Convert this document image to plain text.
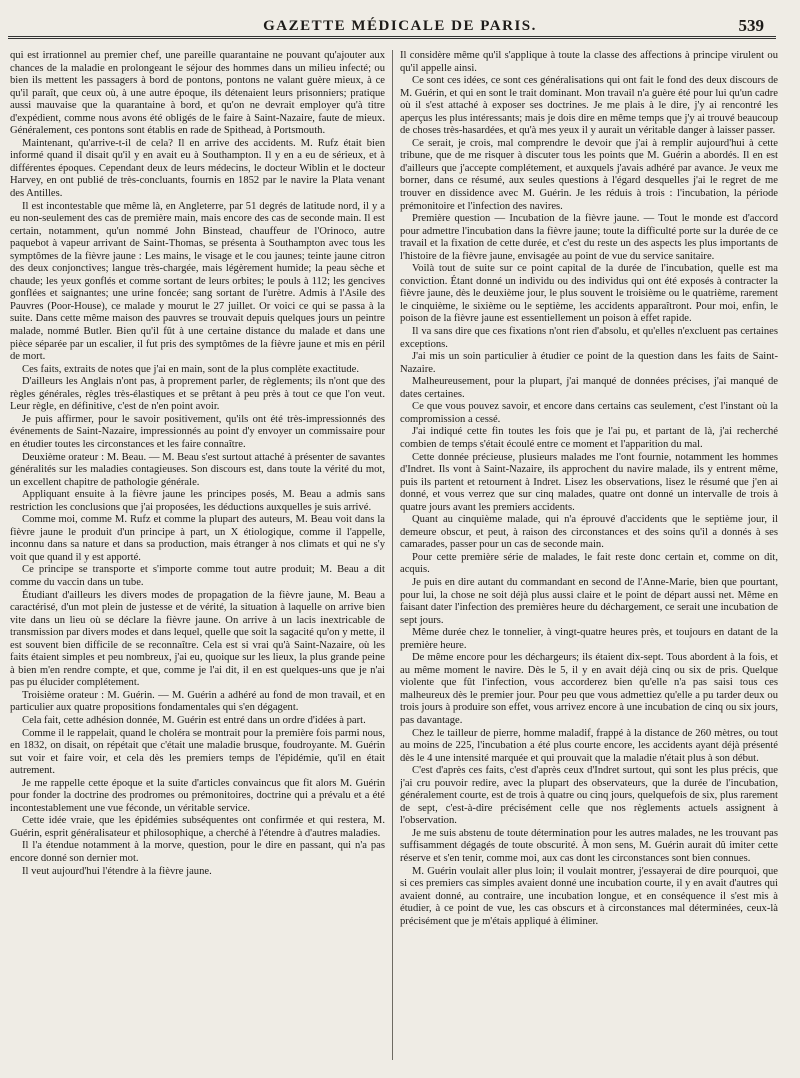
GAZETTE MÉDICALE DE PARIS.	539

qui est irrationnel au premier chef, une pareille quarantaine ne pouvant qu'ajouter aux chances de la maladie en prolongeant le séjour des hommes dans un milieu infecté; ou bien ils mettent les passagers à bord de pontons, pontons ne valant guère mieux, à ce qu'il paraît, que ceux où, à une autre époque, ils détenaient leurs prisonniers; pratique aussi mauvaise que la quarantaine à bord, et qu'on ne devrait employer qu'à titre d'expédient, comme nous avons été obligés de le faire à Saint-Nazaire, faute de mieux. Généralement, ces pontons sont établis en rade de Spithead, à Portsmouth.

Maintenant, qu'arrive-t-il de cela? Il en arrive des accidents. M. Rufz était bien informé quand il disait qu'il y en avait eu à Southampton. Il y en a eu de sérieux, et à différentes époques. Cependant deux de leurs médecins, le docteur Wiblin et le docteur Harvey, en ont publié de très-concluants, fournis en 1852 par le navire la Plata venant des Antilles.

Il est incontestable que même là, en Angleterre, par 51 degrés de latitude nord, il y a eu non-seulement des cas de première main, mais encore des cas de seconde main. Il est certain, notamment, qu'un nommé John Binstead, chauffeur de l'Orinoco, autre paquebot à vapeur arrivant de Saint-Thomas, se présenta à Southampton avec tous les symptômes de la fièvre jaune : Les mains, le visage et le cou jaunes; teinte jaune citron des deux conjonctives; langue très-chargée, mais légèrement humide; la peau sèche et chaude; les yeux gonflés et comme sortant de leurs orbites; le pouls à 112; les gencives gonflées et saignantes; une urine foncée; sang sortant de l'urètre. Admis à l'Asile des Pauvres (Poor-House), ce malade y mourut le 27 juillet. Or voici ce qui se passa à la suite. Dans cette même maison des pauvres se trouvait depuis quelques jours un peintre malade, nommé Butler. Bien qu'il fût à une certaine distance du malade et dans une pièce séparée par un escalier, il fut pris des symptômes de la fièvre jaune et mis en péril de mort.

Ces faits, extraits de notes que j'ai en main, sont de la plus complète exactitude.

D'ailleurs les Anglais n'ont pas, à proprement parler, de règlements; ils n'ont que des règles générales, règles très-élastiques et se prêtant à peu près à tout ce que l'on veut. Leur règle, en définitive, c'est de n'en point avoir.

Je puis affirmer, pour le savoir positivement, qu'ils ont été très-impressionnés des événements de Saint-Nazaire, impressionnés au point d'y envoyer un commissaire pour en étudier toutes les circonstances et les faire connaître.

Deuxième orateur : M. Beau. — M. Beau s'est surtout attaché à présenter de savantes généralités sur les maladies contagieuses. Son discours est, dans toute la vérité du mot, un excellent chapitre de pathologie générale.

Appliquant ensuite à la fièvre jaune les principes posés, M. Beau a admis sans restriction les conclusions que j'ai proposées, les déductions auxquelles je suis arrivé.

Comme moi, comme M. Rufz et comme la plupart des auteurs, M. Beau voit dans la fièvre jaune le produit d'un principe à part, un X étiologique, comme il l'appelle, inconnu dans sa nature et dans sa production, mais étranger à nos climats et qui ne s'y voit que quand il y est apporté.

Ce principe se transporte et s'importe comme tout autre produit; M. Beau a dit comme du vaccin dans un tube.

Étudiant d'ailleurs les divers modes de propagation de la fièvre jaune, M. Beau a caractérisé, d'un mot plein de justesse et de vérité, la situation à laquelle on arrive bien vite dans un lieu où se déclare la fièvre jaune. On arrive à un lacis inextricable de transmission par divers modes et dans lequel, quelle que soit la sagacité qu'on y mette, il est souvent bien difficile de se reconnaître. Cela est si vrai qu'à Saint-Nazaire, où les faits étaient simples et peu nombreux, j'ai eu, quoique sur les lieux, la plus grande peine à bien m'en rendre compte, et que, comme je l'ai dit, il en est quelques-uns que je n'ai pas pu élucider complétement.

Troisième orateur : M. Guérin. — M. Guérin a adhéré au fond de mon travail, et en particulier aux quatre propositions fondamentales qui s'en dégagent.

Cela fait, cette adhésion donnée, M. Guérin est entré dans un ordre d'idées à part.

Comme il le rappelait, quand le choléra se montrait pour la première fois parmi nous, en 1832, on disait, on répétait que c'était une maladie brusque, foudroyante. M. Guérin sut voir et faire voir, et cela dès les premiers temps de l'épidémie, qu'il en était autrement.

Je me rappelle cette époque et la suite d'articles convaincus que fit alors M. Guérin pour fonder la doctrine des prodromes ou prémonitoires, doctrine qui a prévalu et a été incontestablement une vue féconde, un véritable service.

Cette idée vraie, que les épidémies subséquentes ont confirmée et qui restera, M. Guérin, esprit généralisateur et philosophique, a cherché à l'étendre à d'autres maladies.

Il l'a étendue notamment à la morve, question, pour le dire en passant, qui n'a pas encore donné son dernier mot.

Il veut aujourd'hui l'étendre à la fièvre jaune.

Il considère même qu'il s'applique à toute la classe des affections à principe virulent ou qu'il appelle ainsi.

Ce sont ces idées, ce sont ces généralisations qui ont fait le fond des deux discours de M. Guérin, et qui en sont le trait dominant. Mon travail n'a guère été pour lui qu'un cadre où il s'est attaché à exposer ses doctrines. Je me plais à le dire, j'y ai rencontré les aperçus les plus intéressants; mais je dois dire en même temps que j'y ai trouvé beaucoup de choses très-hasardées, et qu'à mes yeux il y aurait un véritable danger à laisser passer.

Ce serait, je crois, mal comprendre le devoir que j'ai à remplir aujourd'hui à cette tribune, que de me risquer à discuter tous les points que M. Guérin a abordés. Il en est d'ailleurs que j'accepte complétement, et auxquels j'avais adhéré par avance. Je veux me borner, dans ce résumé, aux seules questions à l'égard desquelles j'ai le regret de me trouver en dissidence avec M. Guérin. Je les réduis à trois : l'incubation, la période prémonitoire et l'infection des navires.

Première question — Incubation de la fièvre jaune. — Tout le monde est d'accord pour admettre l'incubation dans la fièvre jaune; toute la difficulté porte sur la durée de ce travail et la fixation de cette durée, et c'est du reste un des aspects les plus importants de l'histoire de la fièvre jaune, envisagée au point de vue du service sanitaire.

Voilà tout de suite sur ce point capital de la durée de l'incubation, quelle est ma conviction. Étant donné un individu ou des individus qui ont été exposés à contracter la fièvre jaune, dès le deuxième jour, le plus souvent le troisième ou le quatrième, rarement le cinquième, le sixième ou le septième, les accidents apparaîtront. Pour moi, enfin, le poison de la fièvre jaune est essentiellement un poison à effet rapide.

Il va sans dire que ces fixations n'ont rien d'absolu, et qu'elles n'excluent pas certaines exceptions.

J'ai mis un soin particulier à étudier ce point de la question dans les faits de Saint-Nazaire.

Malheureusement, pour la plupart, j'ai manqué de données précises, j'ai manqué de dates certaines.

Ce que vous pouvez savoir, et encore dans certains cas seulement, c'est l'instant où la compromission a cessé.

J'ai indiqué cette fin toutes les fois que je l'ai pu, et partant de là, j'ai recherché combien de temps s'était écoulé entre ce moment et l'apparition du mal.

Cette donnée précieuse, plusieurs malades me l'ont fournie, notamment les hommes d'Indret. Ils vont à Saint-Nazaire, ils approchent du navire malade, ils y entrent même, puis ils partent et retournent à Indret. Lisez les observations, lisez le résumé que j'en ai donné, et vous verrez que sur cinq malades, quatre ont donné un intervalle de trois à quatre jours avant les premiers accidents.

Quant au cinquième malade, qui n'a éprouvé d'accidents que le septième jour, il demeure obscur, et peut, à raison des circonstances et des soins qu'il a donnés à ses camarades, passer pour un cas de seconde main.

Pour cette première série de malades, le fait reste donc certain et, comme on dit, acquis.

Je puis en dire autant du commandant en second de l'Anne-Marie, bien que pourtant, pour lui, la chose ne soit déjà plus aussi claire et le point de départ aussi net. Même en faisant dater l'infection des premières heure du déchargement, ce serait une incubation de sept jours.

Même durée chez le tonnelier, à vingt-quatre heures près, et toujours en datant de la première heure.

De même encore pour les déchargeurs; ils étaient dix-sept. Tous abordent à la fois, et au même moment le navire. Dès le 5, il y en avait déjà cinq ou six de pris. Quelque violente que fût l'infection, vous accorderez bien qu'elle n'a pas saisi tous ces malheureux dès le premier jour. Pour peu que vous admettiez qu'elle a pu tarder deux ou trois jours à produire son effet, vous arrivez encore à une incubation de cinq ou six jours, pas davantage.

Chez le tailleur de pierre, homme maladif, frappé à la distance de 260 mètres, ou tout au moins de 225, l'incubation a été plus courte encore, les accidents ayant déjà présenté dès le 4 une intensité marquée et qui prouvait que la maladie n'était plus à son début.

C'est d'après ces faits, c'est d'après ceux d'Indret surtout, qui sont les plus précis, que j'ai cru pouvoir redire, avec la plupart des observateurs, que la durée de l'incubation, généralement courte, est de trois à quatre ou cinq jours, quelquefois de six, plus rarement de sept, c'est-à-dire précisément celle que nos règlements actuels assignent à l'observation.

Je me suis abstenu de toute détermination pour les autres malades, ne les trouvant pas suffisamment dégagés de toute obscurité. À mon sens, M. Guérin aurait dû imiter cette réserve et s'en tenir, comme moi, aux cas dont les circonstances sont bien connues.

M. Guérin voulait aller plus loin; il voulait montrer, j'essayerai de dire pourquoi, que si ces premiers cas simples avaient donné une incubation courte, il y en avait d'autres qui avaient donné, au contraire, une incubation longue, et en conséquence il s'est mis à étudier, à ce point de vue, les cas obscurs et à circonstances mal déterminées, ceux-là précisément que je m'étais appliqué à éliminer.
